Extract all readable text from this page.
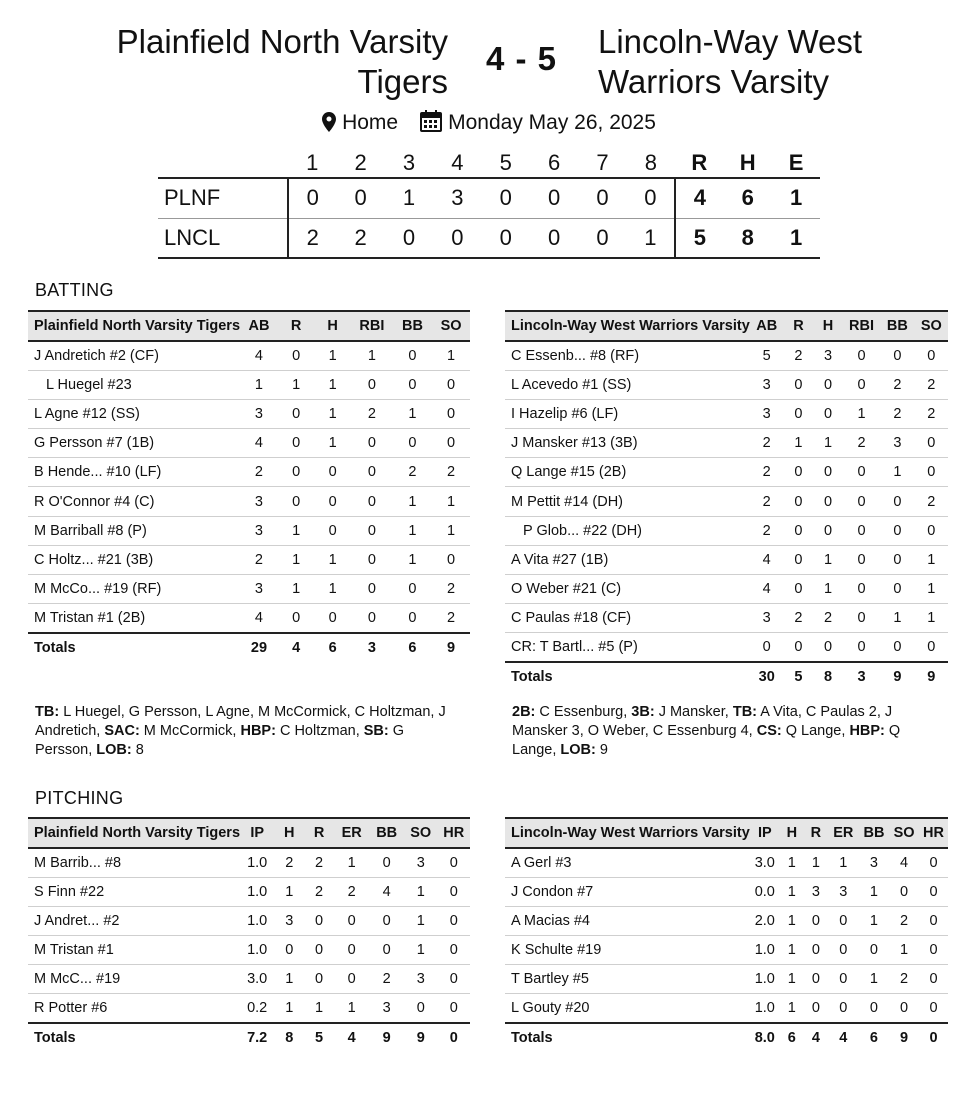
Plainfield North Varsity
Tigers
4 - 5 Lincoln-Way West
Warriors Varsity
Home Monday May 26, 2025
	1	2	3	4	5	6	7	8	R	H	E
PLNF	0	0	1	3	0	0	0	0	4	6	1
LNCL	2	2	0	0	0	0	0	1	5	8	1
BATTING
Plainfield North Varsity Tigers	AB	R	H	RBI	BB	SO
J Andretich #2 (CF)	4	0	1	1	0	1
L Huegel #23	1	1	1	0	0	0
L Agne #12 (SS)	3	0	1	2	1	0
G Persson #7 (1B)	4	0	1	0	0	0
B Hende... #10 (LF)	2	0	0	0	2	2
R O'Connor #4 (C)	3	0	0	0	1	1
M Barriball #8 (P)	3	1	0	0	1	1
C Holtz... #21 (3B)	2	1	1	0	1	0
M McCo... #19 (RF)	3	1	1	0	0	2
M Tristan #1 (2B)	4	0	0	0	0	2
Totals	29	4	6	3	6	9
Lincoln-Way West Warriors Varsity	AB	R	H	RBI	BB	SO
C Essenb... #8 (RF)	5	2	3	0	0	0
L Acevedo #1 (SS)	3	0	0	0	2	2
I Hazelip #6 (LF)	3	0	0	1	2	2
J Mansker #13 (3B)	2	1	1	2	3	0
Q Lange #15 (2B)	2	0	0	0	1	0
M Pettit #14 (DH)	2	0	0	0	0	2
P Glob... #22 (DH)	2	0	0	0	0	0
A Vita #27 (1B)	4	0	1	0	0	1
O Weber #21 (C)	4	0	1	0	0	1
C Paulas #18 (CF)	3	2	2	0	1	1
CR: T Bartl... #5 (P)	0	0	0	0	0	0
Totals	30	5	8	3	9	9
TB: L Huegel, G Persson, L Agne, M McCormick, C Holtzman, J Andretich, SAC: M McCormick, HBP: C Holtzman, SB: G Persson, LOB: 8
2B: C Essenburg, 3B: J Mansker, TB: A Vita, C Paulas 2, J Mansker 3, O Weber, C Essenburg 4, CS: Q Lange, HBP: Q Lange, LOB: 9
PITCHING
Plainfield North Varsity Tigers	IP	H	R	ER	BB	SO	HR
M Barrib... #8	1.0	2	2	1	0	3	0
S Finn #22	1.0	1	2	2	4	1	0
J Andret... #2	1.0	3	0	0	0	1	0
M Tristan #1	1.0	0	0	0	0	1	0
M McC... #19	3.0	1	0	0	2	3	0
R Potter #6	0.2	1	1	1	3	0	0
Totals	7.2	8	5	4	9	9	0
Lincoln-Way West Warriors Varsity	IP	H	R	ER	BB	SO	HR
A Gerl #3	3.0	1	1	1	3	4	0
J Condon #7	0.0	1	3	3	1	0	0
A Macias #4	2.0	1	0	0	1	2	0
K Schulte #19	1.0	1	0	0	0	1	0
T Bartley #5	1.0	1	0	0	1	2	0
L Gouty #20	1.0	1	0	0	0	0	0
Totals	8.0	6	4	4	6	9	0
